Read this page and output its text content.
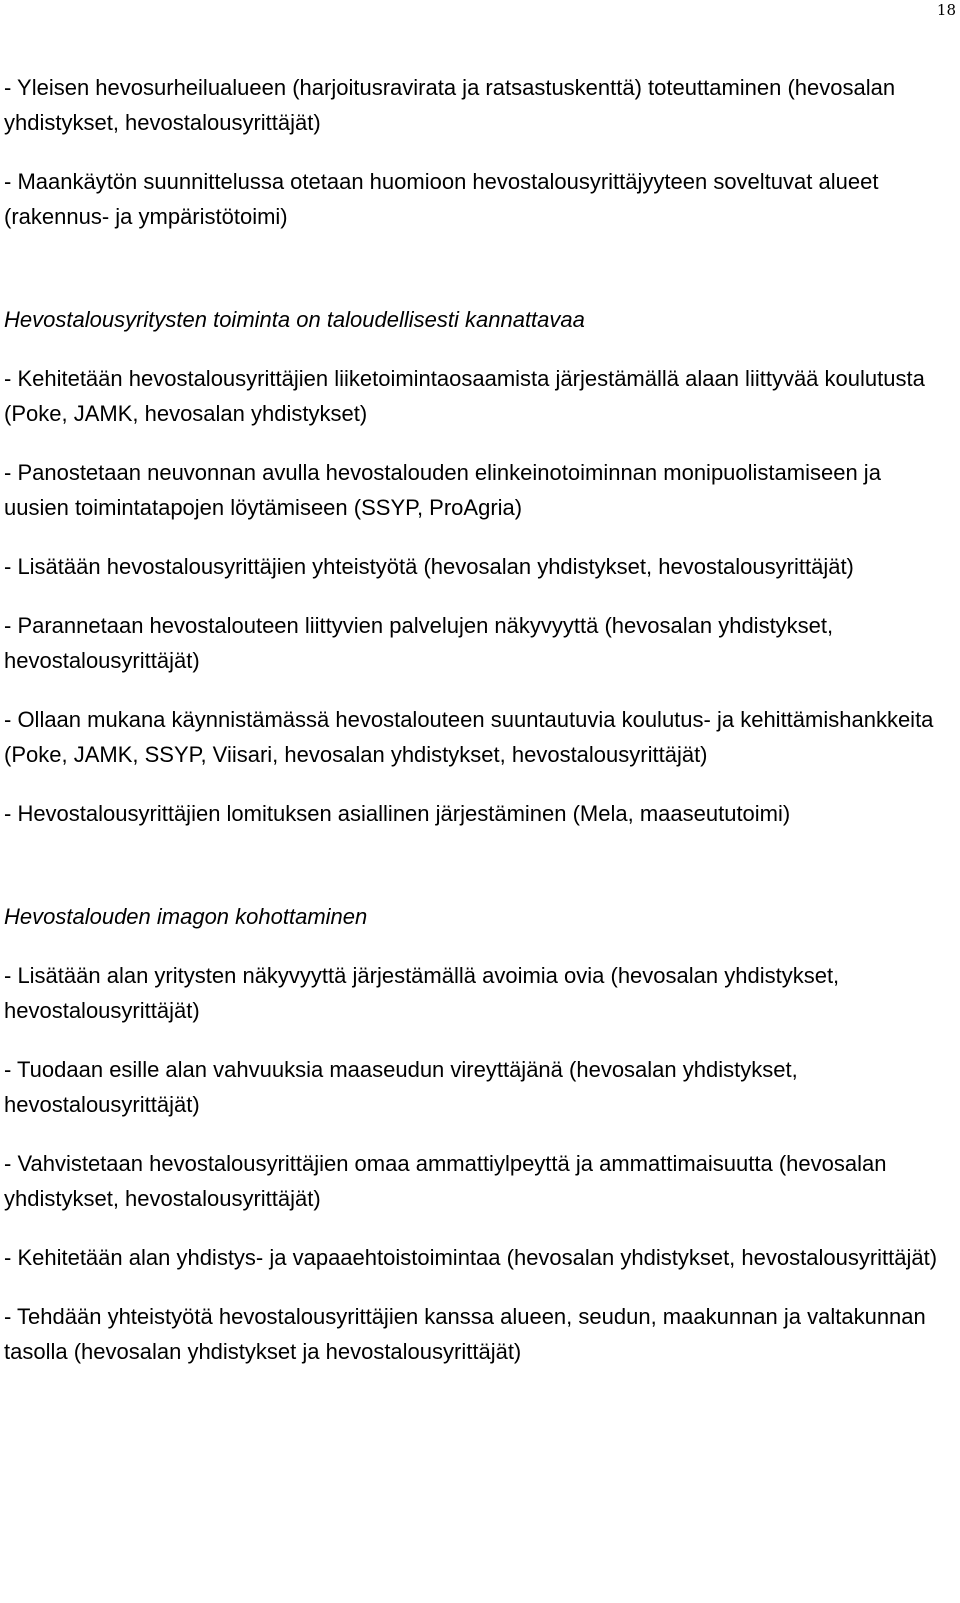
18

- Yleisen hevosurheilualueen (harjoitusravirata ja ratsastuskenttä) toteuttaminen (hevosalan yhdistykset, hevostalousyrittäjät)

- Maankäytön suunnittelussa otetaan huomioon hevostalousyrittäjyyteen soveltuvat alueet (rakennus- ja ympäristötoimi)

Hevostalousyritysten toiminta on taloudellisesti kannattavaa

- Kehitetään hevostalousyrittäjien liiketoimintaosaamista järjestämällä alaan liittyvää koulutusta (Poke, JAMK, hevosalan yhdistykset)

- Panostetaan neuvonnan avulla hevostalouden elinkeinotoiminnan monipuolistamiseen ja uusien toimintatapojen löytämiseen (SSYP, ProAgria)

- Lisätään hevostalousyrittäjien yhteistyötä (hevosalan yhdistykset, hevostalousyrittäjät)

- Parannetaan hevostalouteen liittyvien palvelujen näkyvyyttä (hevosalan yhdistykset, hevostalousyrittäjät)

- Ollaan mukana käynnistämässä hevostalouteen suuntautuvia koulutus- ja kehittämishankkeita (Poke, JAMK, SSYP, Viisari, hevosalan yhdistykset, hevostalousyrittäjät)

- Hevostalousyrittäjien lomituksen asiallinen järjestäminen (Mela, maaseututoimi)

Hevostalouden imagon kohottaminen

- Lisätään alan yritysten näkyvyyttä järjestämällä avoimia ovia (hevosalan yhdistykset, hevostalousyrittäjät)

- Tuodaan esille alan vahvuuksia maaseudun vireyttäjänä (hevosalan yhdistykset, hevostalousyrittäjät)

- Vahvistetaan hevostalousyrittäjien omaa ammattiylpeyttä ja ammattimaisuutta (hevosalan yhdistykset, hevostalousyrittäjät)

- Kehitetään alan yhdistys- ja vapaaehtoistoimintaa (hevosalan yhdistykset, hevostalousyrittäjät)

- Tehdään yhteistyötä hevostalousyrittäjien kanssa alueen, seudun, maakunnan ja valtakunnan tasolla (hevosalan yhdistykset ja hevostalousyrittäjät)
